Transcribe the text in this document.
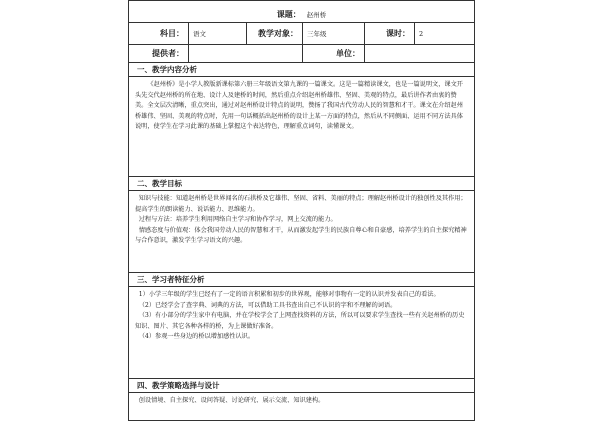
课题： 赵州桥					
科目：	语文	教学对象：	三年级	课时：	2
提供者：			单位：		
一、教学内容分析					

《赵州桥》是小学人教版新课标第六册三年级语文第九课的一篇课文。这是一篇精读课文，也是一篇说明文，课文开头先交代赵州桥的所在地、设计人及建桥的时间，然后重点介绍赵州桥雄伟、坚固、美观的特点，最后讲作者由衷的赞美。全文层次清晰，重点突出，通过对赵州桥设计特点的说明，赞扬了我国古代劳动人民的智慧和才干。课文在介绍赵州桥雄伟、坚固、美观的特点时，先用一句话概括出赵州桥的设计上某一方面的特点，然后从不同侧面、运用不同方法具体说明，使学生在学习此课的基础上掌握这个表达特色，理解重点词句，读懂课文。					

二、教学目标					

知识与技能：知道赵州桥是世界闻名的石拱桥及它雄伟、坚固、省料、美丽的特点；理解赵州桥设计的独创性及其作用；提高学生的朗读能力、说话能力、思维能力。

过程与方法：培养学生利用网络自主学习和协作学习，网上交流的能力。

情感态度与价值观：体会我国劳动人民的智慧和才干，从而激发起学生的民族自尊心和自豪感，培养学生的自主探究精神与合作意识，激发学生学习语文的兴趣。					

三、学习者特征分析					

1）小学三年级的学生已经有了一定的语言积累和初步的世界观，能够对事物有一定的认识并发表自己的看法。

（2）已经学会了查字典、词典的方法，可以借助工具书查出自己不认识的字和不理解的词语。

（3）有小部分的学生家中有电脑，并在学校学会了上网查找资料的方法，所以可以要求学生查找一些有关赵州桥的历史知识、图片、其它各种各样的桥，为上课做好准备。

（4）参观一些身边的桥以增加感性认识。					

四、教学策略选择与设计					

创设情境、自主探究、设问答疑、讨论研究、展示交流、知识建构。					
